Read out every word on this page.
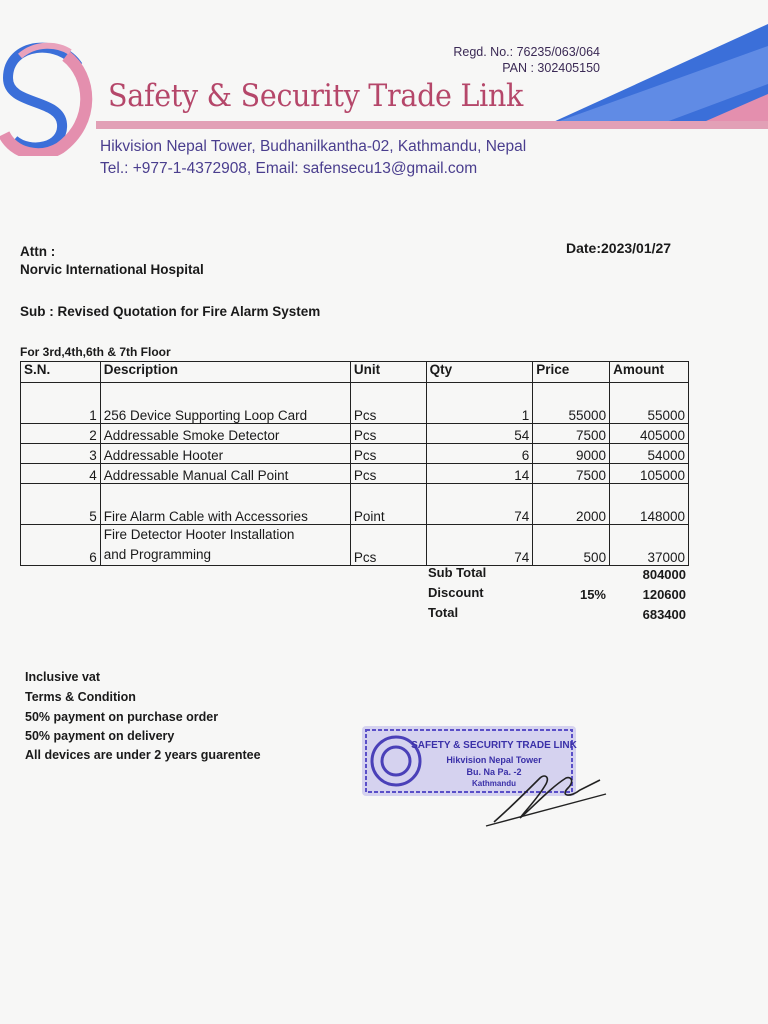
Regd. No.: 76235/063/064
PAN : 302405150
Safety & Security Trade Link
Hikvision Nepal Tower, Budhanilkantha-02, Kathmandu, Nepal
Tel.: +977-1-4372908, Email: safensecu13@gmail.com
Attn :
Norvic International Hospital
Date:2023/01/27
Sub : Revised Quotation for Fire Alarm System
For 3rd,4th,6th & 7th Floor
S.N.	Description	Unit	Qty	Price	Amount
1	256 Device Supporting Loop Card	Pcs	1	55000	55000
2	Addressable Smoke Detector	Pcs	54	7500	405000
3	Addressable Hooter	Pcs	6	9000	54000
4	Addressable Manual Call Point	Pcs	14	7500	105000
5	Fire Alarm Cable with Accessories	Point	74	2000	148000
6	Fire Detector Hooter Installation
and Programming	Pcs	74	500	37000
Sub Total	804000
Discount	15%	120600
Total	683400
Inclusive vat
Terms & Condition
50% payment on purchase order
50% payment on delivery
All devices are under 2 years guarentee
SAFETY & SECURITY TRADE LINK
Hikvision Nepal Tower
Bu. Na Pa. -2
Kathmandu
